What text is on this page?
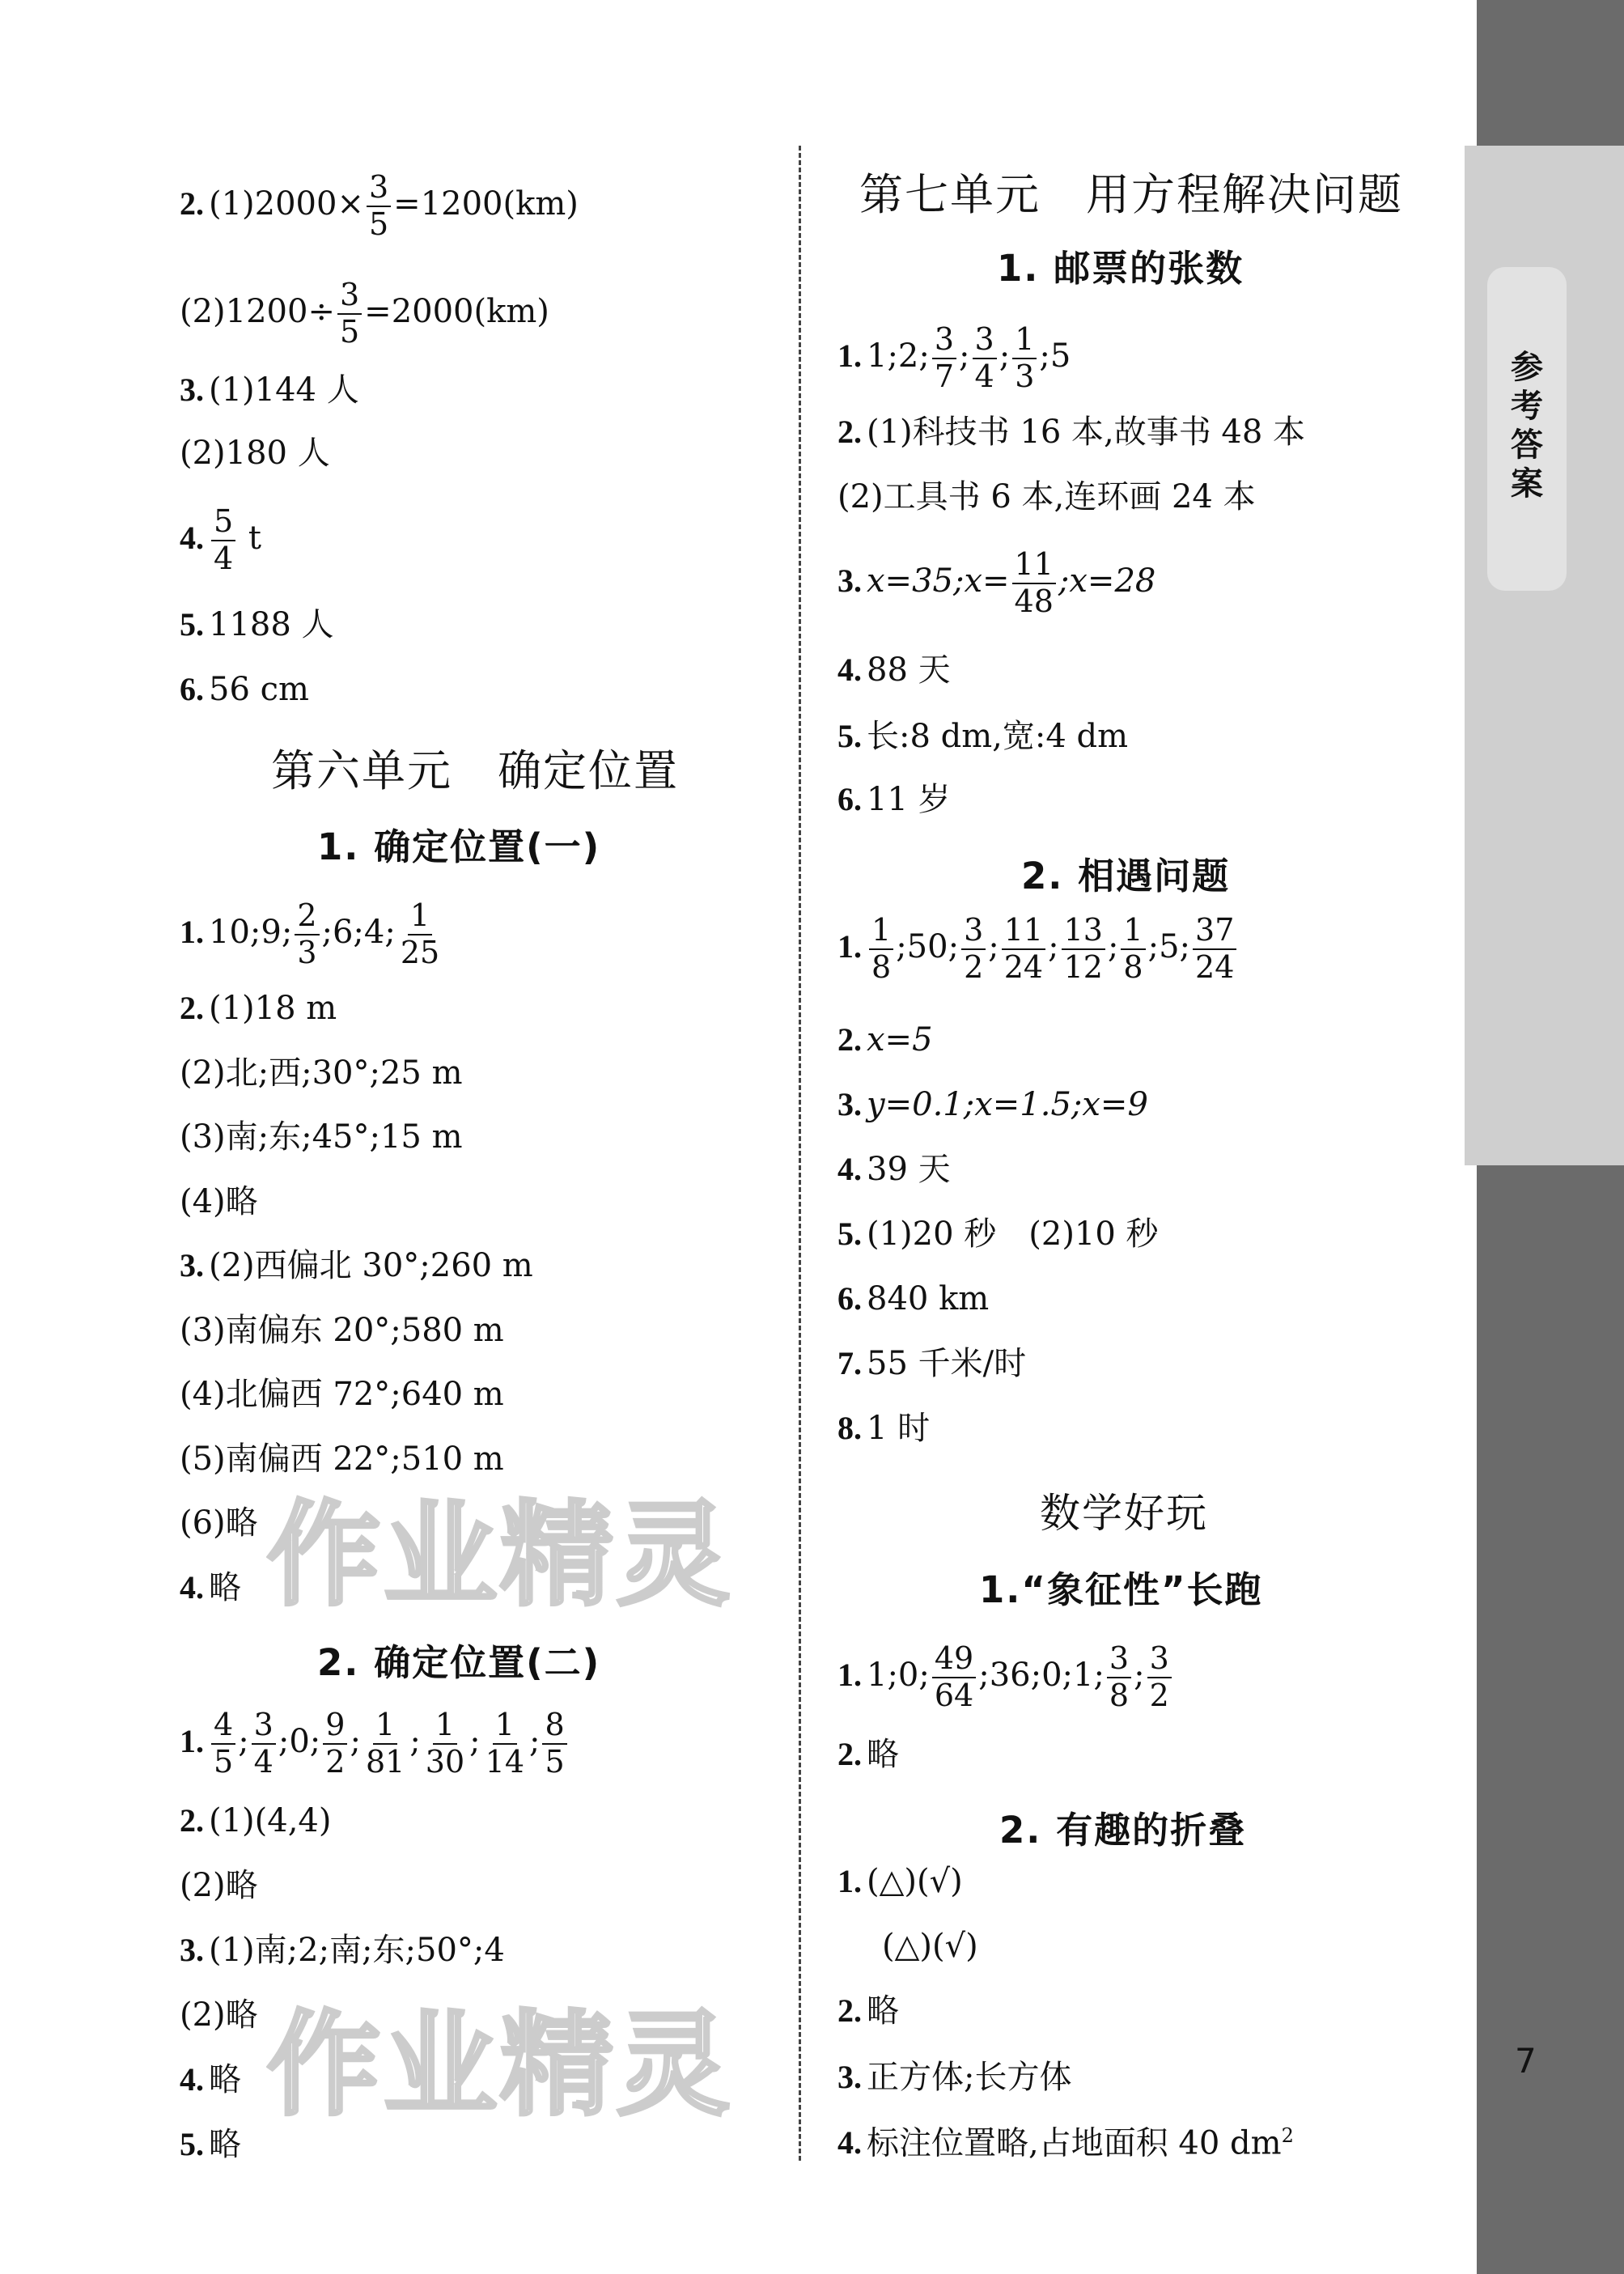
参考答案
7
作业精灵
作业精灵
2. $(1)2000\times \frac{3}{5} =1200(km)$
$(2)1200\div \frac{3}{5} =2000(km)$
3. (1)144 人
(2)180 人
4. $\frac{5}{4}$ t
5. 1188 人
6. 56 cm
第六单元　确定位置
1. 确定位置(一)
1. 10;9; $\frac{2}{3}$ ;6;4; $\frac{1}{25}$
2. (1)18 m
(2)北;西;30°;25 m
(3)南;东;45°;15 m
(4)略
3. (2)西偏北 30°;260 m
(3)南偏东 20°;580 m
(4)北偏西 72°;640 m
(5)南偏西 22°;510 m
(6)略
4. 略
2. 确定位置(二)
1. $\frac{4}{5}$ ; $\frac{3}{4}$ ;0; $\frac{9}{2}$ ; $\frac{1}{81}$ ; $\frac{1}{30}$ ; $\frac{1}{14}$ ; $\frac{8}{5}$
2. (1)(4,4)
(2)略
3. (1)南;2;南;东;50°;4
(2)略
4. 略
5. 略
第七单元　用方程解决问题
1. 邮票的张数
1. 1;2; $\frac{3}{7}$ ; $\frac{3}{4}$ ; $\frac{1}{3}$ ;5
2. (1)科技书 16 本,故事书 48 本
(2)工具书 6 本,连环画 24 本
3. x=35;x= $\frac{11}{48}$ ;x=28
4. 88 天
5. 长:8 dm,宽:4 dm
6. 11 岁
2. 相遇问题
1. $\frac{1}{8}$ ;50; $\frac{3}{2}$ ; $\frac{11}{24}$ ; $\frac{13}{12}$ ; $\frac{1}{8}$ ;5; $\frac{37}{24}$
2. x=5
3. y=0.1;x=1.5;x=9
4. 39 天
5. (1)20 秒　(2)10 秒
6. 840 km
7. 55 千米/时
8. 1 时
数学好玩
1.“象征性”长跑
1. 1;0; $\frac{49}{64}$ ;36;0;1; $\frac{3}{8}$ ; $\frac{3}{2}$
2. 略
2. 有趣的折叠
1. (△)(√)
(△)(√)
2. 略
3. 正方体;长方体
4. 标注位置略,占地面积 40 $dm^2$
